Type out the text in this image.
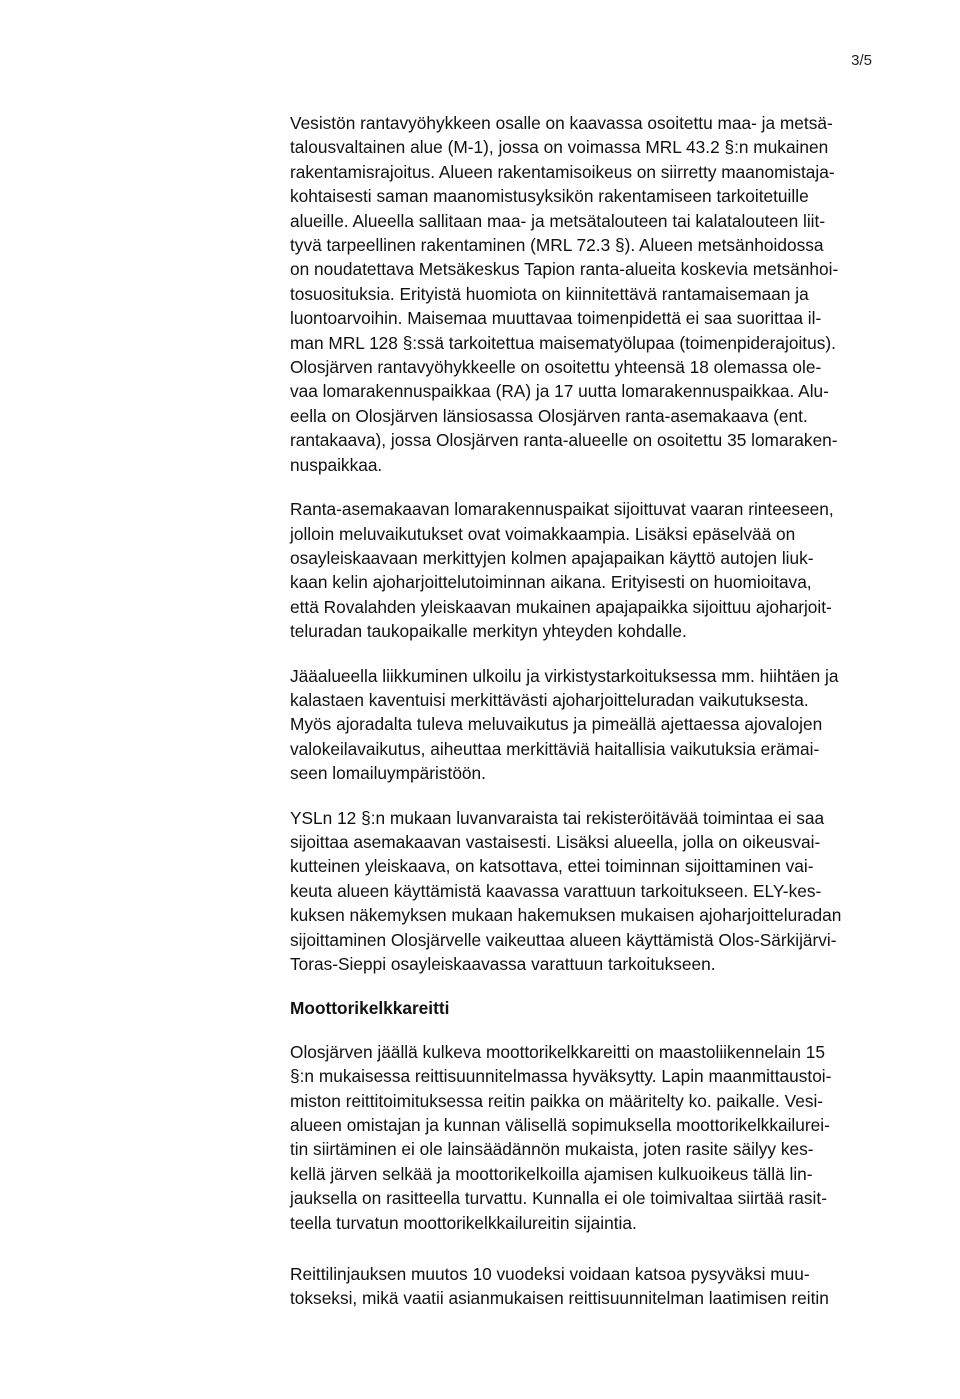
3/5

Vesistön rantavyöhykkeen osalle on kaavassa osoitettu maa- ja metsä-
talousvaltainen alue (M-1), jossa on voimassa MRL 43.2 §:n mukainen
rakentamisrajoitus. Alueen rakentamisoikeus on siirretty maanomistaja-
kohtaisesti saman maanomistusyksikön rakentamiseen tarkoitetuille
alueille. Alueella sallitaan maa- ja metsätalouteen tai kalatalouteen liit-
tyvä tarpeellinen rakentaminen (MRL 72.3 §). Alueen metsänhoidossa
on noudatettava Metsäkeskus Tapion ranta-alueita koskevia metsänhoi-
tosuosituksia. Erityistä huomiota on kiinnitettävä rantamaisemaan ja
luontoarvoihin. Maisemaa muuttavaa toimenpidettä ei saa suorittaa il-
man MRL 128 §:ssä tarkoitettua maisematyölupaa (toimenpiderajoitus).
Olosjärven rantavyöhykkeelle on osoitettu yhteensä 18 olemassa ole-
vaa lomarakennuspaikkaa (RA) ja 17 uutta lomarakennuspaikkaa. Alu-
eella on Olosjärven länsiosassa Olosjärven ranta-asemakaava (ent.
rantakaava), jossa Olosjärven ranta-alueelle on osoitettu 35 lomaraken-
nuspaikkaa.

Ranta-asemakaavan lomarakennuspaikat sijoittuvat vaaran rinteeseen,
jolloin meluvaikutukset ovat voimakkaampia. Lisäksi epäselvää on
osayleiskaavaan merkittyjen kolmen apajapaikan käyttö autojen liuk-
kaan kelin ajoharjoittelutoiminnan aikana. Erityisesti on huomioitava,
että Rovalahden yleiskaavan mukainen apajapaikka sijoittuu ajoharjoit-
teluradan taukopaikalle merkityn yhteyden kohdalle.

Jääalueella liikkuminen ulkoilu ja virkistystarkoituksessa mm. hiihtäen ja
kalastaen kaventuisi merkittävästi ajoharjoitteluradan vaikutuksesta.
Myös ajoradalta tuleva meluvaikutus ja pimeällä ajettaessa ajovalojen
valokeilavaikutus, aiheuttaa merkittäviä haitallisia vaikutuksia erämai-
seen lomailuympäristöön.

YSLn 12 §:n mukaan luvanvaraista tai rekisteröitävää toimintaa ei saa
sijoittaa asemakaavan vastaisesti. Lisäksi alueella, jolla on oikeusvai-
kutteinen yleiskaava, on katsottava, ettei toiminnan sijoittaminen vai-
keuta alueen käyttämistä kaavassa varattuun tarkoitukseen. ELY-kes-
kuksen näkemyksen mukaan hakemuksen mukaisen ajoharjoitteluradan
sijoittaminen Olosjärvelle vaikeuttaa alueen käyttämistä Olos-Särkijärvi-
Toras-Sieppi osayleiskaavassa varattuun tarkoitukseen.

Moottorikelkkareitti

Olosjärven jäällä kulkeva moottorikelkkareitti on maastoliikennelain 15
§:n mukaisessa reittisuunnitelmassa hyväksytty. Lapin maanmittaustoi-
miston reittitoimituksessa reitin paikka on määritelty ko. paikalle. Vesi-
alueen omistajan ja kunnan välisellä sopimuksella moottorikelkkailurei-
tin siirtäminen ei ole lainsäädännön mukaista, joten rasite säilyy kes-
kellä järven selkää ja moottorikelkoilla ajamisen kulkuoikeus tällä lin-
jauksella on rasitteella turvattu. Kunnalla ei ole toimivaltaa siirtää rasit-
teella turvatun moottorikelkkailureitin sijaintia.

Reittilinjauksen muutos 10 vuodeksi voidaan katsoa pysyväksi muu-
tokseksi, mikä vaatii asianmukaisen reittisuunnitelman laatimisen reitin
